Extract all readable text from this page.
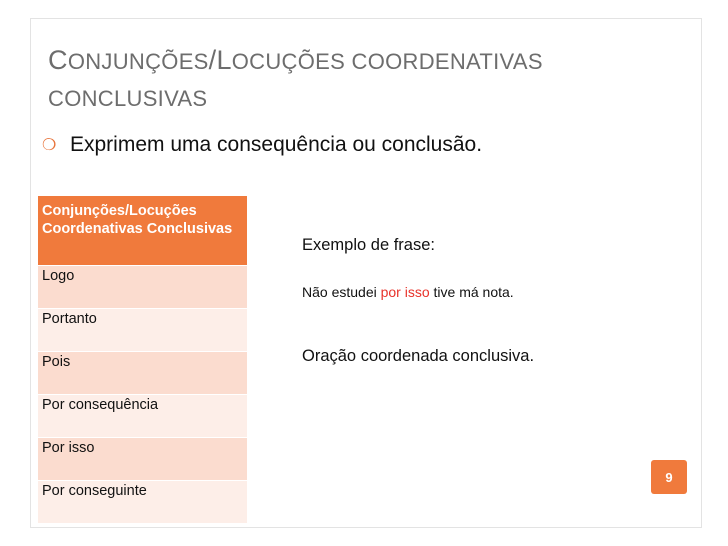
CONJUNÇÕES/LOCUÇÕES COORDENATIVAS
CONCLUSIVAS
❍ Exprimem uma consequência ou conclusão.
Conjunções/Locuções Coordenativas Conclusivas
Logo
Portanto
Pois
Por consequência
Por isso
Por conseguinte
Exemplo de frase:
Não estudei por isso tive má nota.
Oração coordenada conclusiva.
9
